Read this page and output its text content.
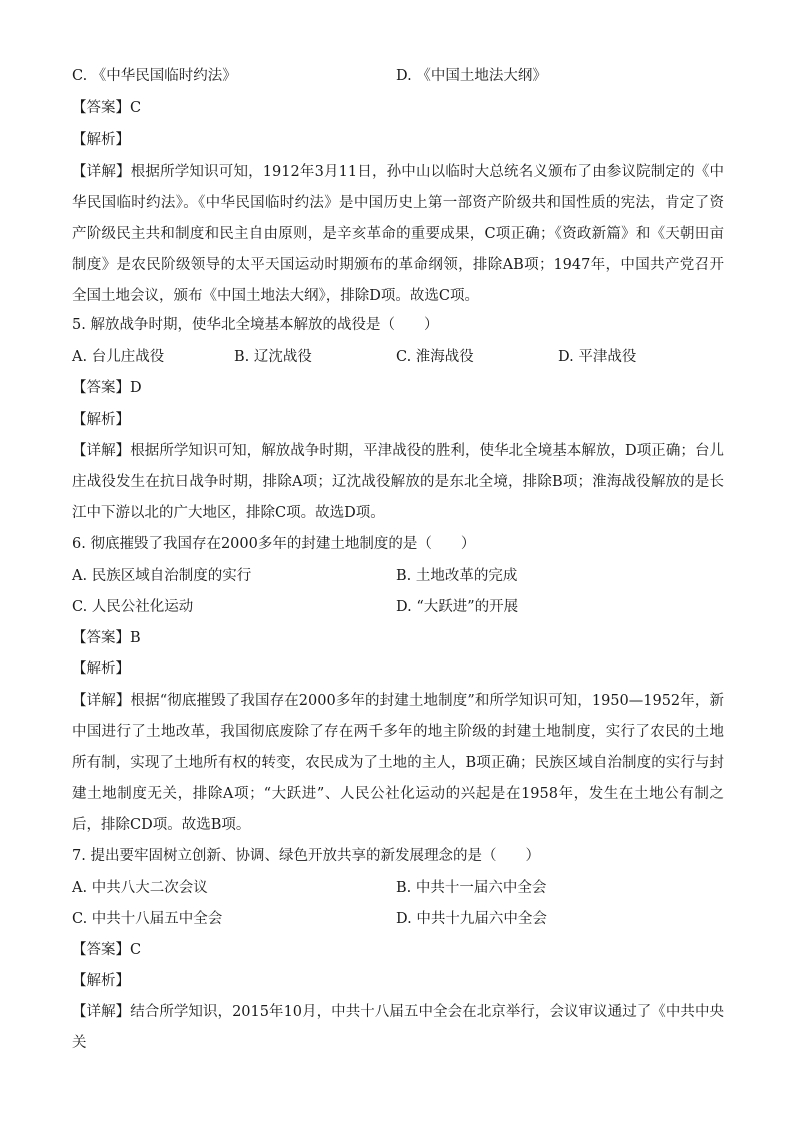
C. 《中华民国临时约法》	D. 《中国土地法大纲》
【答案】C
【解析】
【详解】根据所学知识可知，1912年3月11日，孙中山以临时大总统名义颁布了由参议院制定的《中华民国临时约法》。《中华民国临时约法》是中国历史上第一部资产阶级共和国性质的宪法，肯定了资产阶级民主共和制度和民主自由原则，是辛亥革命的重要成果，C项正确；《资政新篇》和《天朝田亩制度》是农民阶级领导的太平天国运动时期颁布的革命纲领，排除AB项；1947年，中国共产党召开全国土地会议，颁布《中国土地法大纲》，排除D项。故选C项。
5. 解放战争时期，使华北全境基本解放的战役是（　　）
A. 台儿庄战役	B. 辽沈战役	C. 淮海战役	D. 平津战役
【答案】D
【解析】
【详解】根据所学知识可知，解放战争时期，平津战役的胜利，使华北全境基本解放，D项正确；台儿庄战役发生在抗日战争时期，排除A项；辽沈战役解放的是东北全境，排除B项；淮海战役解放的是长江中下游以北的广大地区，排除C项。故选D项。
6. 彻底摧毁了我国存在2000多年的封建土地制度的是（　　）
A. 民族区域自治制度的实行	B. 土地改革的完成
C. 人民公社化运动	D. “大跃进”的开展
【答案】B
【解析】
【详解】根据“彻底摧毁了我国存在2000多年的封建土地制度”和所学知识可知，1950—1952年，新中国进行了土地改革，我国彻底废除了存在两千多年的地主阶级的封建土地制度，实行了农民的土地所有制，实现了土地所有权的转变，农民成为了土地的主人，B项正确；民族区域自治制度的实行与封建土地制度无关，排除A项；“大跃进”、人民公社化运动的兴起是在1958年，发生在土地公有制之后，排除CD项。故选B项。
7. 提出要牢固树立创新、协调、绿色开放共享的新发展理念的是（　　）
A. 中共八大二次会议	B. 中共十一届六中全会
C. 中共十八届五中全会	D. 中共十九届六中全会
【答案】C
【解析】
【详解】结合所学知识，2015年10月，中共十八届五中全会在北京举行，会议审议通过了《中共中央关
